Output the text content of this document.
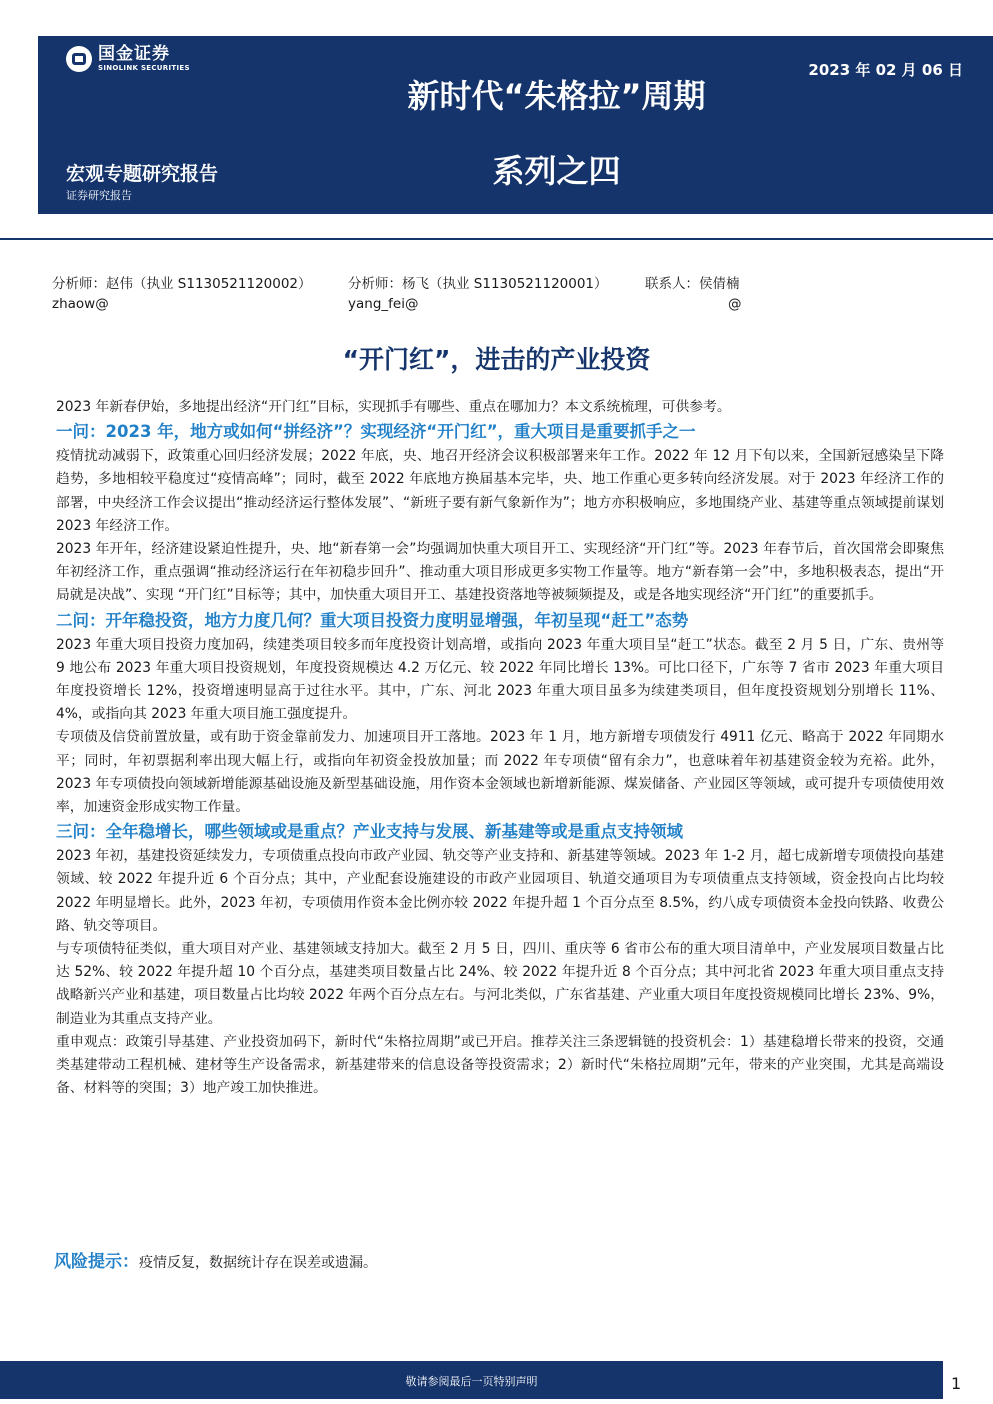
国金证券
SINOLINK SECURITIES	2023 年 02 月 06 日
新时代“朱格拉”周期
系列之四
宏观专题研究报告
证券研究报告
分析师：赵伟（执业 S1130521120002）
zhaow@
分析师：杨飞（执业 S1130521120001）
yang_fei@
联系人：侯倩楠
@
“开门红”，进击的产业投资

2023 年新春伊始，多地提出经济“开门红”目标，实现抓手有哪些、重点在哪加力？本文系统梳理，可供参考。

一问：2023 年，地方或如何“拼经济”？实现经济“开门红”，重大项目是重要抓手之一

疫情扰动减弱下，政策重心回归经济发展；2022 年底，央、地召开经济会议积极部署来年工作。2022 年 12 月下旬以来，全国新冠感染呈下降趋势，多地相较平稳度过“疫情高峰”；同时，截至 2022 年底地方换届基本完毕，央、地工作重心更多转向经济发展。对于 2023 年经济工作的部署，中央经济工作会议提出“推动经济运行整体发展”、“新班子要有新气象新作为”；地方亦积极响应，多地围绕产业、基建等重点领域提前谋划 2023 年经济工作。

2023 年开年，经济建设紧迫性提升，央、地“新春第一会”均强调加快重大项目开工、实现经济“开门红”等。2023 年春节后，首次国常会即聚焦年初经济工作，重点强调“推动经济运行在年初稳步回升”、推动重大项目形成更多实物工作量等。地方“新春第一会”中，多地积极表态，提出“开局就是决战”、实现 “开门红”目标等；其中，加快重大项目开工、基建投资落地等被频频提及，或是各地实现经济“开门红”的重要抓手。

二问：开年稳投资，地方力度几何？重大项目投资力度明显增强，年初呈现“赶工”态势

2023 年重大项目投资力度加码，续建类项目较多而年度投资计划高增，或指向 2023 年重大项目呈“赶工”状态。截至 2 月 5 日，广东、贵州等 9 地公布 2023 年重大项目投资规划，年度投资规模达 4.2 万亿元、较 2022 年同比增长 13%。可比口径下，广东等 7 省市 2023 年重大项目年度投资增长 12%，投资增速明显高于过往水平。其中，广东、河北 2023 年重大项目虽多为续建类项目，但年度投资规划分别增长 11%、4%，或指向其 2023 年重大项目施工强度提升。

专项债及信贷前置放量，或有助于资金靠前发力、加速项目开工落地。2023 年 1 月，地方新增专项债发行 4911 亿元、略高于 2022 年同期水平；同时，年初票据利率出现大幅上行，或指向年初资金投放加量；而 2022 年专项债“留有余力”，也意味着年初基建资金较为充裕。此外，2023 年专项债投向领域新增能源基础设施及新型基础设施，用作资本金领域也新增新能源、煤炭储备、产业园区等领域，或可提升专项债使用效率，加速资金形成实物工作量。

三问：全年稳增长，哪些领域或是重点？产业支持与发展、新基建等或是重点支持领域

2023 年初，基建投资延续发力，专项债重点投向市政产业园、轨交等产业支持和、新基建等领域。2023 年 1-2 月，超七成新增专项债投向基建领域、较 2022 年提升近 6 个百分点；其中，产业配套设施建设的市政产业园项目、轨道交通项目为专项债重点支持领域，资金投向占比均较 2022 年明显增长。此外，2023 年初，专项债用作资本金比例亦较 2022 年提升超 1 个百分点至 8.5%，约八成专项债资本金投向铁路、收费公路、轨交等项目。

与专项债特征类似，重大项目对产业、基建领域支持加大。截至 2 月 5 日，四川、重庆等 6 省市公布的重大项目清单中，产业发展项目数量占比达 52%、较 2022 年提升超 10 个百分点，基建类项目数量占比 24%、较 2022 年提升近 8 个百分点；其中河北省 2023 年重大项目重点支持战略新兴产业和基建，项目数量占比均较 2022 年两个百分点左右。与河北类似，广东省基建、产业重大项目年度投资规模同比增长 23%、9%，制造业为其重点支持产业。

重申观点：政策引导基建、产业投资加码下，新时代“朱格拉周期”或已开启。推荐关注三条逻辑链的投资机会：1）基建稳增长带来的投资，交通类基建带动工程机械、建材等生产设备需求，新基建带来的信息设备等投资需求；2）新时代“朱格拉周期”元年，带来的产业突围，尤其是高端设备、材料等的突围；3）地产竣工加快推进。

风险提示：疫情反复，数据统计存在误差或遗漏。
敬请参阅最后一页特别声明	1
